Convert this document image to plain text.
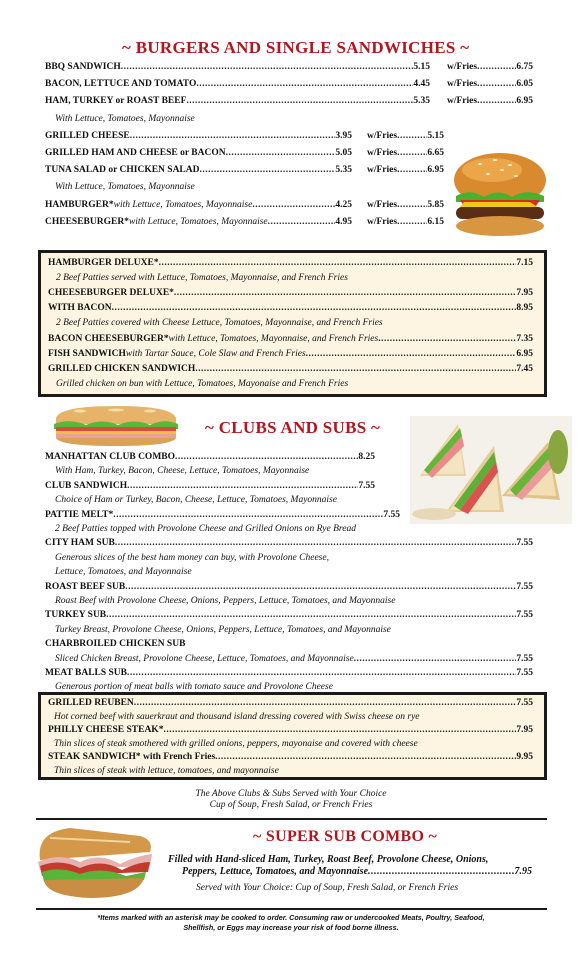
~ BURGERS AND SINGLE SANDWICHES ~
BBQ SANDWICH .....	5.15 w/Fries .....	6.75
BACON, LETTUCE AND TOMATO .....	4.45 w/Fries .....	6.05
HAM, TURKEY or ROAST BEEF .....	5.35 w/Fries .....	6.95
With Lettuce, Tomatoes, Mayonnaise
GRILLED CHEESE .....	3.95 w/Fries .....	5.15
GRILLED HAM AND CHEESE or BACON .....	5.05 w/Fries .....	6.65
TUNA SALAD or CHICKEN SALAD .....	5.35 w/Fries .....	6.95
With Lettuce, Tomatoes, Mayonnaise
HAMBURGER* with Lettuce, Tomatoes, Mayonnaise .....	4.25 w/Fries .....	5.85
CHEESEBURGER* with Lettuce, Tomatoes, Mayonnaise .....	4.95 w/Fries .....	6.15
HAMBURGER DELUXE* .....	7.15
2 Beef Patties served with Lettuce, Tomatoes, Mayonnaise, and French Fries
CHEESEBURGER DELUXE* .....	7.95
WITH BACON .....	8.95
2 Beef Patties covered with Cheese Lettuce, Tomatoes, Mayonnaise, and French Fries
BACON CHEESEBURGER* with Lettuce, Tomatoes, Mayonnaise, and French Fries .....	7.35
FISH SANDWICH with Tartar Sauce, Cole Slaw and French Fries .....	6.95
GRILLED CHICKEN SANDWICH .....	7.45
Grilled chicken on bun with Lettuce, Tomatoes, Mayonaise and French Fries
~ CLUBS AND SUBS ~
MANHATTAN CLUB COMBO .....	8.25
With Ham, Turkey, Bacon, Cheese, Lettuce, Tomatoes, Mayonnaise
CLUB SANDWICH .....	7.55
Choice of Ham or Turkey, Bacon, Cheese, Lettuce, Tomatoes, Mayonnaise
PATTIE MELT* .....	7.55
2 Beef Patties topped with Provolone Cheese and Grilled Onions on Rye Bread
CITY HAM SUB .....	7.55
Generous slices of the best ham money can buy, with Provolone Cheese,
Lettuce, Tomatoes, and Mayonnaise
ROAST BEEF SUB .....	7.55
Roast Beef with Provolone Cheese, Onions, Peppers, Lettuce, Tomatoes, and Mayonnaise
TURKEY SUB .....	7.55
Turkey Breast, Provolone Cheese, Onions, Peppers, Lettuce, Tomatoes, and Mayonnaise
CHARBROILED CHICKEN SUB
Sliced Chicken Breast, Provolone Cheese, Lettuce, Tomatoes, and Mayonnaise .....	7.55
MEAT BALLS SUB .....	7.55
Generous portion of meat balls with tomato sauce and Provolone Cheese
GRILLED REUBEN .....	7.55
Hot corned beef with sauerkraut and thousand island dressing covered with Swiss cheese on rye
PHILLY CHEESE STEAK* .....	7.95
Thin slices of steak smothered with grilled onions, peppers, mayonaise and covered with cheese
STEAK SANDWICH* with French Fries .....	9.95
Thin slices of steak with lettuce, tomatoes, and mayonnaise
The Above Clubs & Subs Served with Your Choice
Cup of Soup, Fresh Salad, or French Fries
~ SUPER SUB COMBO ~
Filled with Hand-sliced Ham, Turkey, Roast Beef, Provolone Cheese, Onions,
Peppers, Lettuce, Tomatoes, and Mayonnaise .....	7.95
Served with Your Choice: Cup of Soup, Fresh Salad, or French Fries
*Items marked with an asterisk may be cooked to order. Consuming raw or undercooked Meats, Poultry, Seafood,
Shellfish, or Eggs may increase your risk of food borne illness.
